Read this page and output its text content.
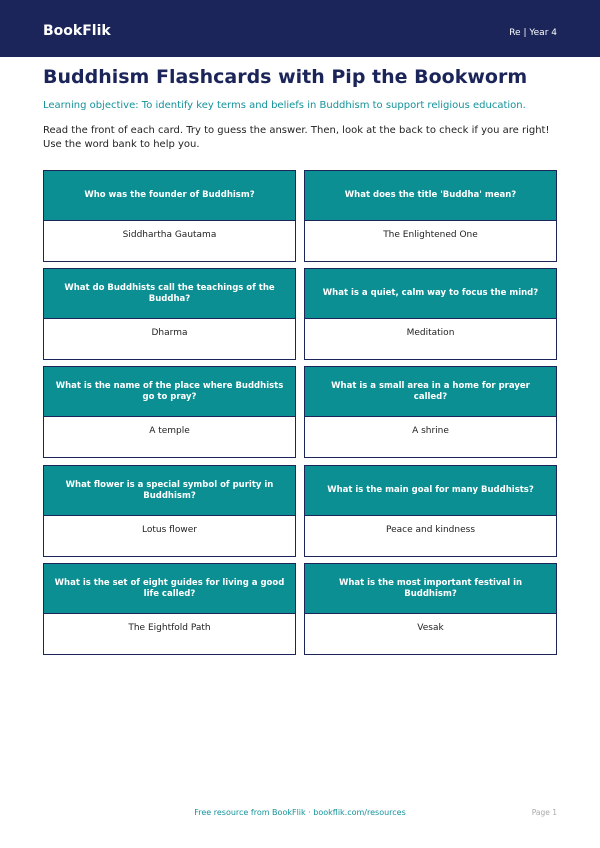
BookFlik	Re | Year 4
Buddhism Flashcards with Pip the Bookworm
Learning objective: To identify key terms and beliefs in Buddhism to support religious education.
Read the front of each card. Try to guess the answer. Then, look at the back to check if you are right! Use the word bank to help you.
Who was the founder of Buddhism?
Siddhartha Gautama
What does the title 'Buddha' mean?
The Enlightened One
What do Buddhists call the teachings of the Buddha?
Dharma
What is a quiet, calm way to focus the mind?
Meditation
What is the name of the place where Buddhists go to pray?
A temple
What is a small area in a home for prayer called?
A shrine
What flower is a special symbol of purity in Buddhism?
Lotus flower
What is the main goal for many Buddhists?
Peace and kindness
What is the set of eight guides for living a good life called?
The Eightfold Path
What is the most important festival in Buddhism?
Vesak
Free resource from BookFlik · bookflik.com/resources	Page 1
